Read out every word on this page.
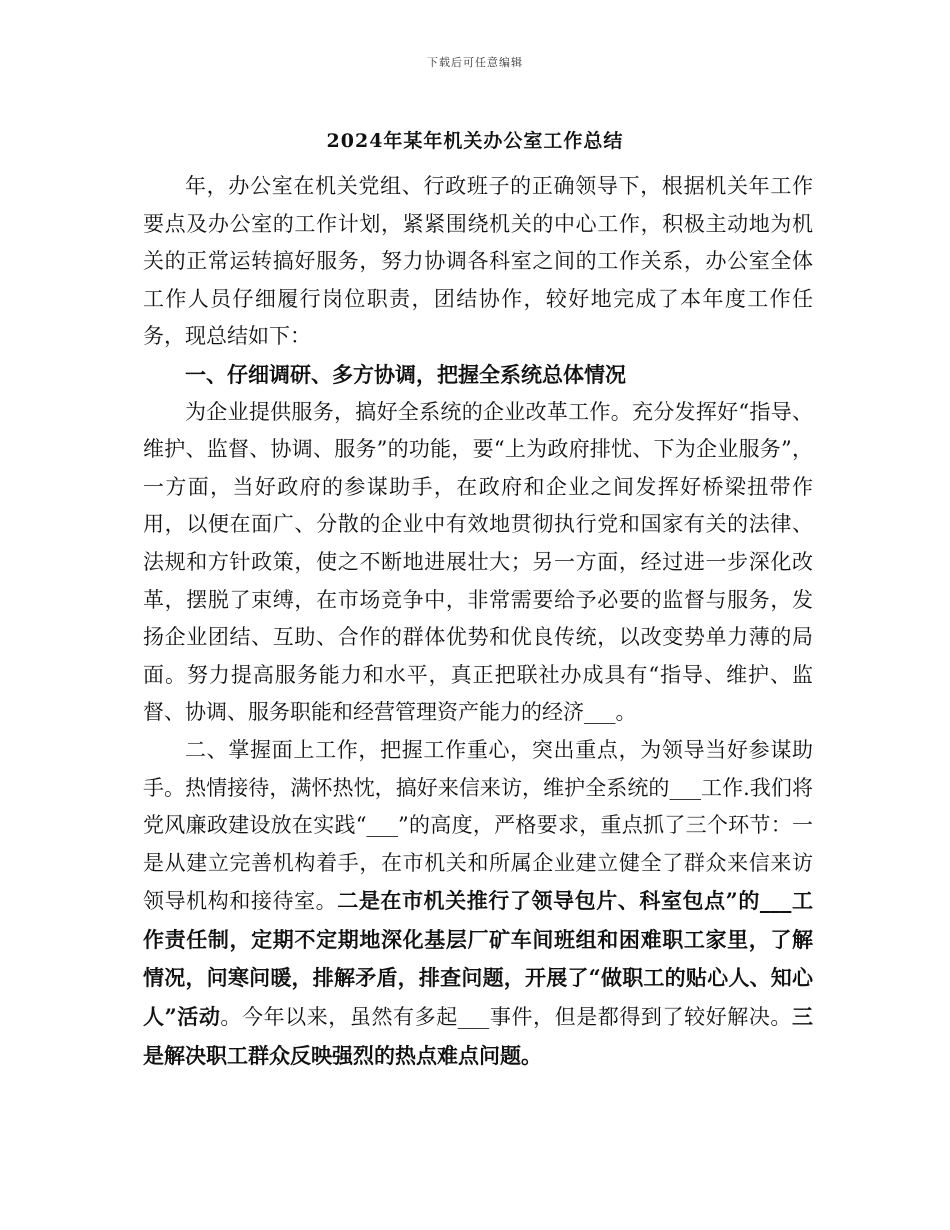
下载后可任意编辑
2024年某年机关办公室工作总结

年，办公室在机关党组、行政班子的正确领导下，根据机关年工作要点及办公室的工作计划，紧紧围绕机关的中心工作，积极主动地为机关的正常运转搞好服务，努力协调各科室之间的工作关系，办公室全体工作人员仔细履行岗位职责，团结协作，较好地完成了本年度工作任务，现总结如下：

一、仔细调研、多方协调，把握全系统总体情况

为企业提供服务，搞好全系统的企业改革工作。充分发挥好“指导、维护、监督、协调、服务”的功能，要“上为政府排忧、下为企业服务”，一方面，当好政府的参谋助手，在政府和企业之间发挥好桥梁扭带作用，以便在面广、分散的企业中有效地贯彻执行党和国家有关的法律、法规和方针政策，使之不断地进展壮大；另一方面，经过进一步深化改革，摆脱了束缚，在市场竞争中，非常需要给予必要的监督与服务，发扬企业团结、互助、合作的群体优势和优良传统，以改变势单力薄的局面。努力提高服务能力和水平，真正把联社办成具有“指导、维护、监督、协调、服务职能和经营管理资产能力的经济___。

二、掌握面上工作，把握工作重心，突出重点，为领导当好参谋助手。热情接待，满怀热忱，搞好来信来访，维护全系统的___工作.我们将党风廉政建设放在实践“___”的高度，严格要求，重点抓了三个环节：一是从建立完善机构着手，在市机关和所属企业建立健全了群众来信来访领导机构和接待室。二是在市机关推行了领导包片、科室包点”的___工作责任制，定期不定期地深化基层厂矿车间班组和困难职工家里，了解情况，问寒问暖，排解矛盾，排查问题，开展了“做职工的贴心人、知心人”活动。今年以来，虽然有多起___事件，但是都得到了较好解决。三是解决职工群众反映强烈的热点难点问题。
